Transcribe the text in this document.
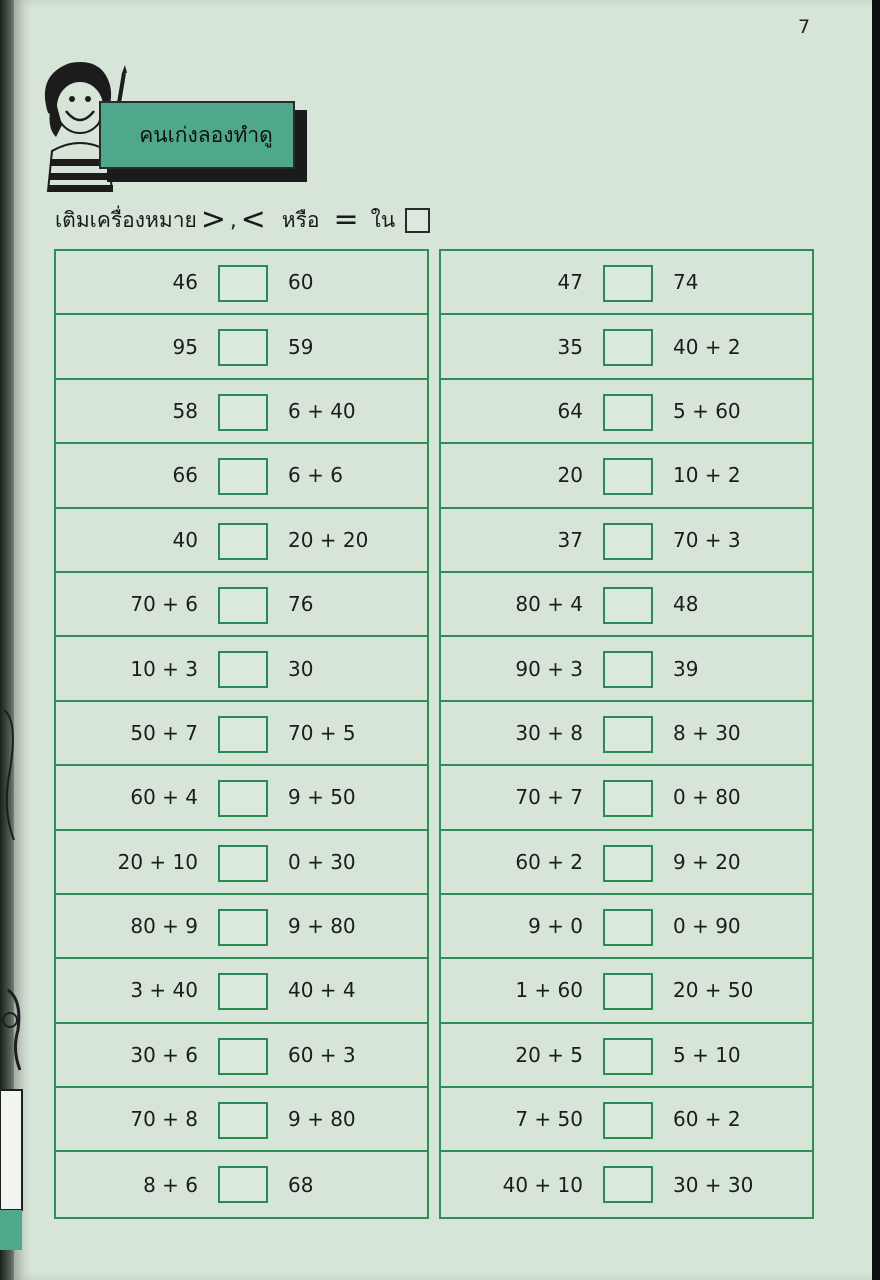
7
คนเก่งลองทำดู
เติมเครื่องหมาย > , < หรือ = ใน
46	60
95	59
58	6 + 40
66	6 + 6
40	20 + 20
70 + 6	76
10 + 3	30
50 + 7	70 + 5
60 + 4	9 + 50
20 + 10	0 + 30
80 + 9	9 + 80
3 + 40	40 + 4
30 + 6	60 + 3
70 + 8	9 + 80
8 + 6	68
47	74
35	40 + 2
64	5 + 60
20	10 + 2
37	70 + 3
80 + 4	48
90 + 3	39
30 + 8	8 + 30
70 + 7	0 + 80
60 + 2	9 + 20
9 + 0	0 + 90
1 + 60	20 + 50
20 + 5	5 + 10
7 + 50	60 + 2
40 + 10	30 + 30
